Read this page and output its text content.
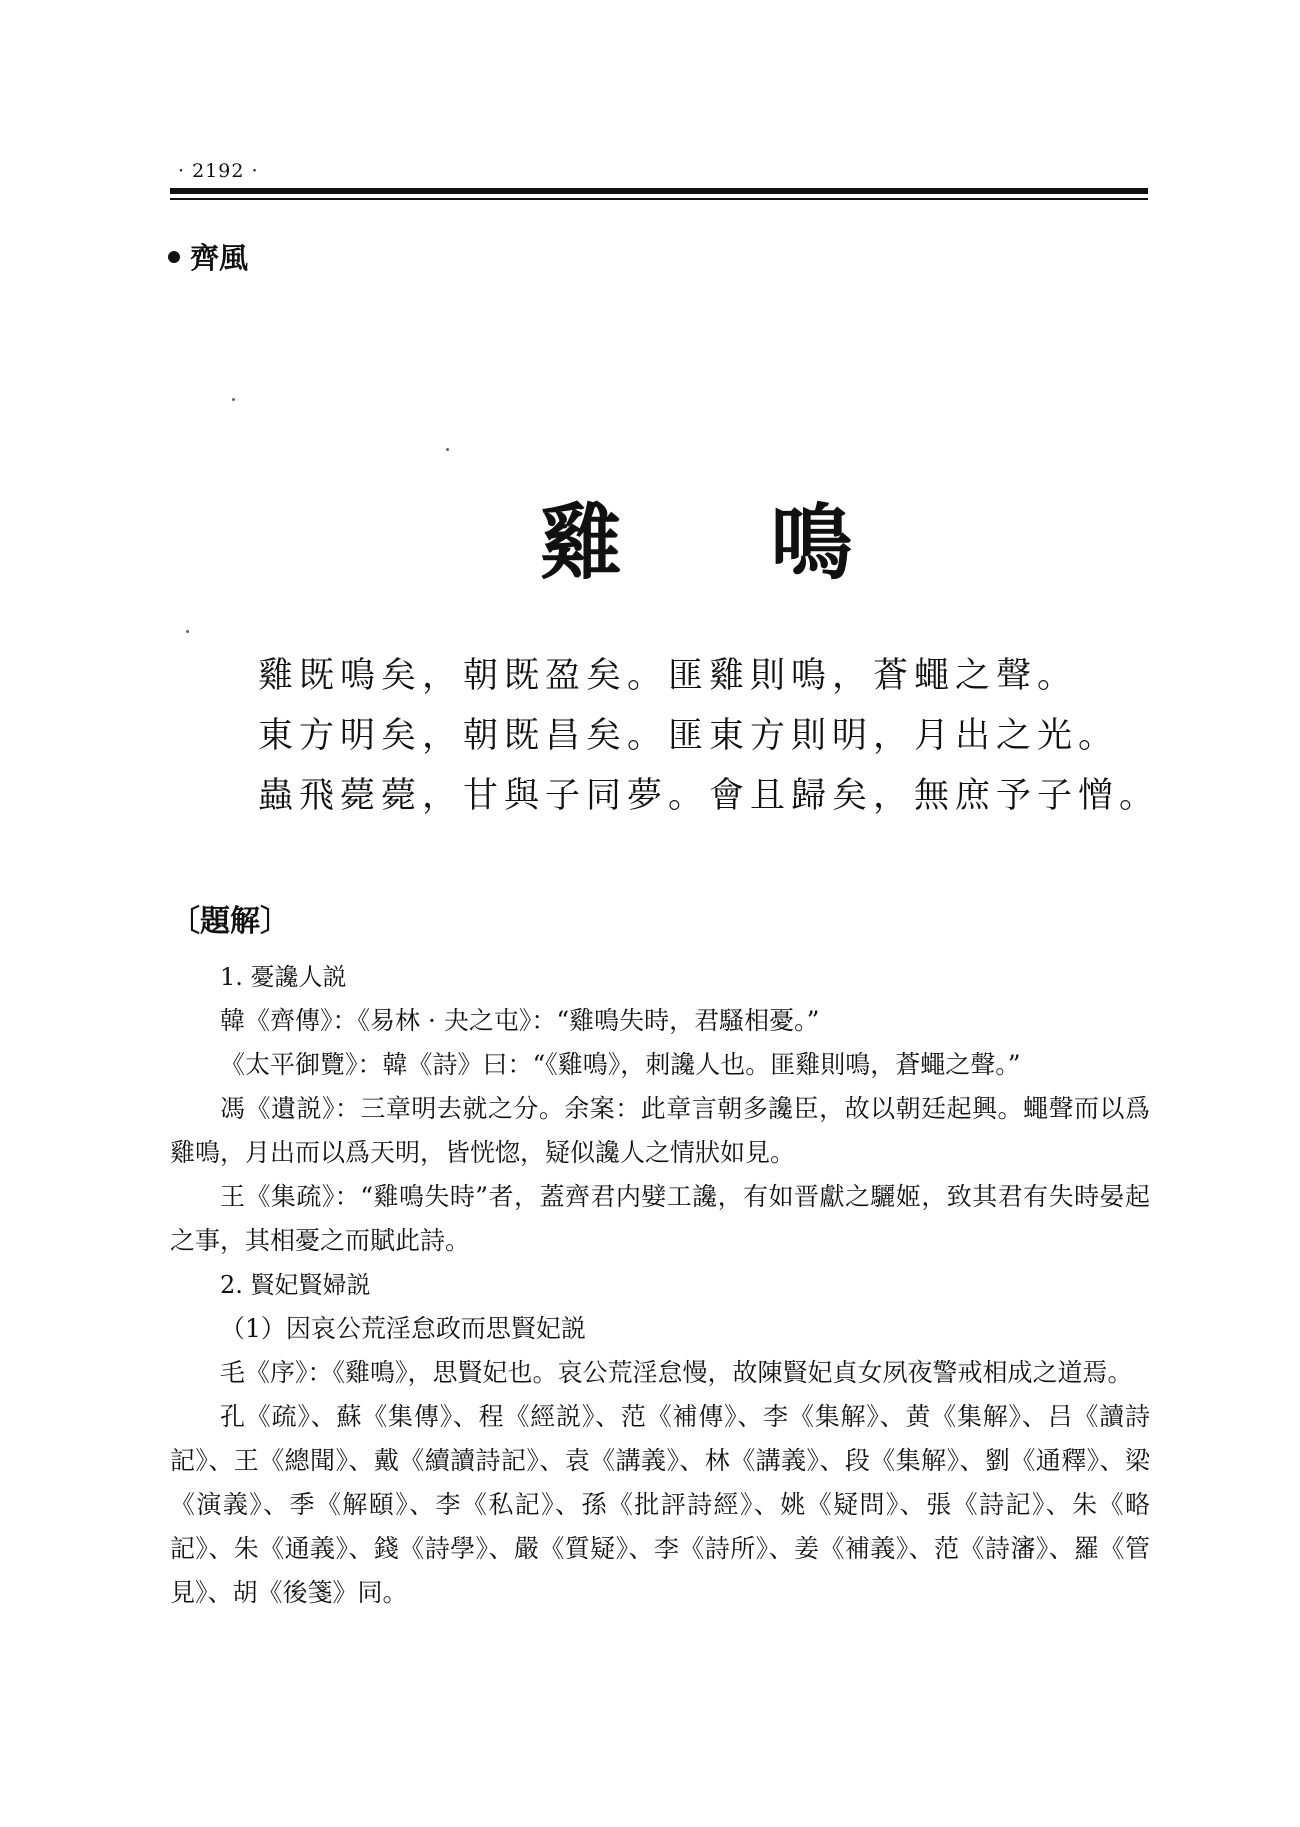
· 2192 ·
齊風
雞 鳴
雞既鳴矣，朝既盈矣。匪雞則鳴，蒼蠅之聲。
東方明矣，朝既昌矣。匪東方則明，月出之光。
蟲飛薨薨，甘與子同夢。會且歸矣，無庶予子憎。
〔題解〕

1. 憂讒人説

韓《齊傳》：《易林 · 夬之屯》：“雞鳴失時，君騷相憂。”

《太平御覽》：韓《詩》曰：“《雞鳴》，刺讒人也。匪雞則鳴，蒼蠅之聲。”

馮《遺説》：三章明去就之分。余案：此章言朝多讒臣，故以朝廷起興。蠅聲而以爲雞鳴，月出而以爲天明，皆恍惚，疑似讒人之情狀如見。

王《集疏》：“雞鳴失時”者，蓋齊君内嬖工讒，有如晋獻之驪姬，致其君有失時晏起之事，其相憂之而賦此詩。

2. 賢妃賢婦説

（1）因哀公荒淫怠政而思賢妃説

毛《序》：《雞鳴》，思賢妃也。哀公荒淫怠慢，故陳賢妃貞女夙夜警戒相成之道焉。

孔《疏》、蘇《集傳》、程《經説》、范《補傳》、李《集解》、黄《集解》、吕《讀詩記》、王《總聞》、戴《續讀詩記》、袁《講義》、林《講義》、段《集解》、劉《通釋》、梁《演義》、季《解頤》、李《私記》、孫《批評詩經》、姚《疑問》、張《詩記》、朱《略記》、朱《通義》、錢《詩學》、嚴《質疑》、李《詩所》、姜《補義》、范《詩瀋》、羅《管見》、胡《後箋》同。
